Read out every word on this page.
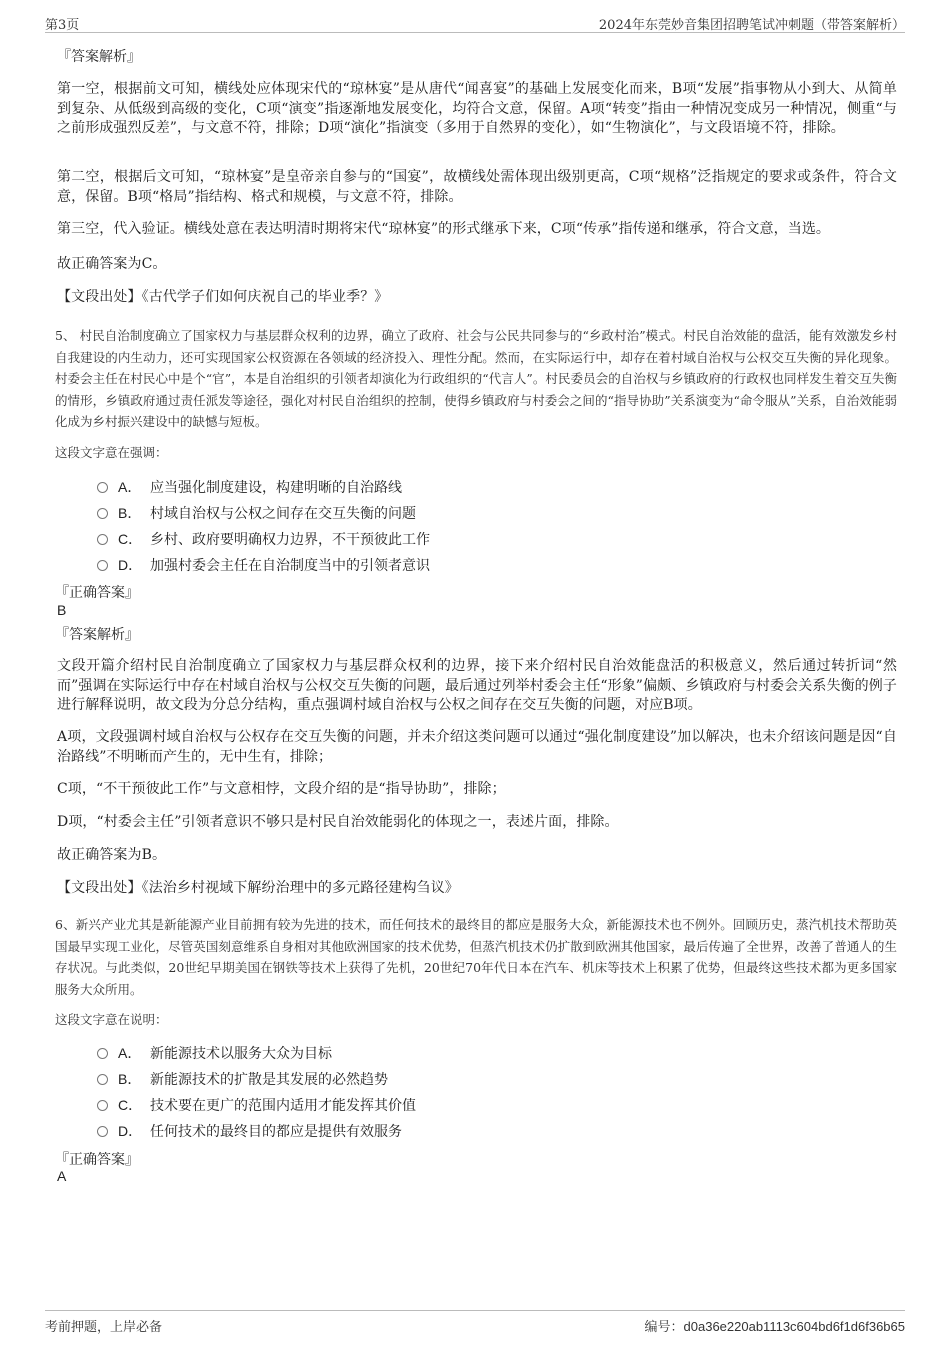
第3页	2024年东莞妙音集团招聘笔试冲刺题（带答案解析）
『答案解析』
第一空，根据前文可知，横线处应体现宋代的“琼林宴”是从唐代“闻喜宴”的基础上发展变化而来，B项“发展”指事物从小到大、从简单到复杂、从低级到高级的变化，C项“演变”指逐渐地发展变化，均符合文意，保留。A项“转变”指由一种情况变成另一种情况，侧重“与之前形成强烈反差”，与文意不符，排除；D项“演化”指演变（多用于自然界的变化），如“生物演化”，与文段语境不符，排除。
第二空，根据后文可知，“琼林宴”是皇帝亲自参与的“国宴”，故横线处需体现出级别更高，C项“规格”泛指规定的要求或条件，符合文意，保留。B项“格局”指结构、格式和规模，与文意不符，排除。
第三空，代入验证。横线处意在表达明清时期将宋代“琼林宴”的形式继承下来，C项“传承”指传递和继承，符合文意，当选。
故正确答案为C。
【文段出处】《古代学子们如何庆祝自己的毕业季？》
5、 村民自治制度确立了国家权力与基层群众权利的边界，确立了政府、社会与公民共同参与的“乡政村治”模式。村民自治效能的盘活，能有效激发乡村自我建设的内生动力，还可实现国家公权资源在各领域的经济投入、理性分配。然而，在实际运行中，却存在着村域自治权与公权交互失衡的异化现象。村委会主任在村民心中是个“官”，本是自治组织的引领者却演化为行政组织的“代言人”。村民委员会的自治权与乡镇政府的行政权也同样发生着交互失衡的情形，乡镇政府通过责任派发等途径，强化对村民自治组织的控制，使得乡镇政府与村委会之间的“指导协助”关系演变为“命令服从”关系，自治效能弱化成为乡村振兴建设中的缺憾与短板。
这段文字意在强调：
A． 应当强化制度建设，构建明晰的自治路线
B． 村域自治权与公权之间存在交互失衡的问题
C． 乡村、政府要明确权力边界，不干预彼此工作
D． 加强村委会主任在自治制度当中的引领者意识
『正确答案』
B
『答案解析』
文段开篇介绍村民自治制度确立了国家权力与基层群众权利的边界，接下来介绍村民自治效能盘活的积极意义，然后通过转折词“然而”强调在实际运行中存在村域自治权与公权交互失衡的问题，最后通过列举村委会主任“形象”偏颇、乡镇政府与村委会关系失衡的例子进行解释说明，故文段为分总分结构，重点强调村域自治权与公权之间存在交互失衡的问题，对应B项。
A项，文段强调村域自治权与公权存在交互失衡的问题，并未介绍这类问题可以通过“强化制度建设”加以解决，也未介绍该问题是因“自治路线”不明晰而产生的，无中生有，排除；
C项，“不干预彼此工作”与文意相悖，文段介绍的是“指导协助”，排除；
D项，“村委会主任”引领者意识不够只是村民自治效能弱化的体现之一，表述片面，排除。
故正确答案为B。
【文段出处】《法治乡村视域下解纷治理中的多元路径建构刍议》
6、新兴产业尤其是新能源产业目前拥有较为先进的技术，而任何技术的最终目的都应是服务大众，新能源技术也不例外。回顾历史，蒸汽机技术帮助英国最早实现工业化，尽管英国刻意维系自身相对其他欧洲国家的技术优势，但蒸汽机技术仍扩散到欧洲其他国家，最后传遍了全世界，改善了普通人的生存状况。与此类似，20世纪早期美国在钢铁等技术上获得了先机，20世纪70年代日本在汽车、机床等技术上积累了优势，但最终这些技术都为更多国家服务大众所用。
这段文字意在说明：
A． 新能源技术以服务大众为目标
B． 新能源技术的扩散是其发展的必然趋势
C． 技术要在更广的范围内适用才能发挥其价值
D． 任何技术的最终目的都应是提供有效服务
『正确答案』
A
考前押题，上岸必备	编号：d0a36e220ab1113c604bd6f1d6f36b65
